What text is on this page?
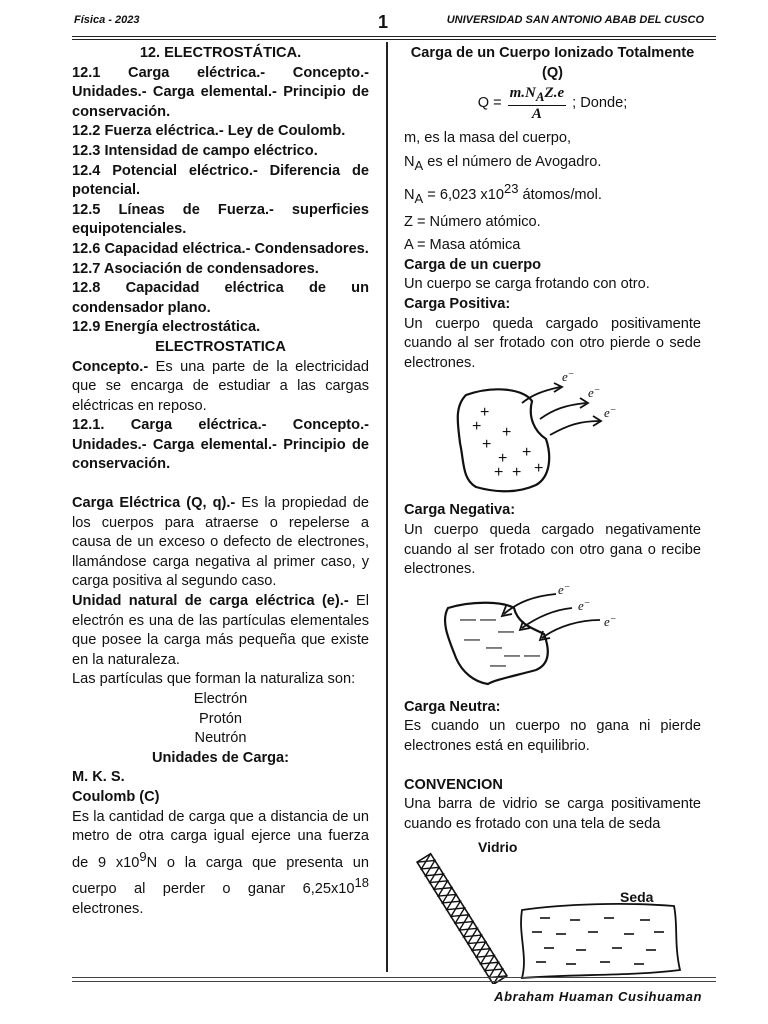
Física - 2023	1	UNIVERSIDAD SAN ANTONIO ABAB DEL CUSCO

12. ELECTROSTÁTICA.

12.1 Carga eléctrica.- Concepto.- Unidades.- Carga elemental.- Principio de conservación.

12.2 Fuerza eléctrica.- Ley de Coulomb.

12.3 Intensidad de campo eléctrico.

12.4 Potencial eléctrico.- Diferencia de potencial.

12.5 Líneas de Fuerza.- superficies equipotenciales.

12.6 Capacidad eléctrica.- Condensadores.

12.7 Asociación de condensadores.

12.8 Capacidad eléctrica de un condensador plano.

12.9 Energía electrostática.

ELECTROSTATICA

Concepto.- Es una parte de la electricidad que se encarga de estudiar a las cargas eléctricas en reposo.

12.1. Carga eléctrica.- Concepto.- Unidades.- Carga elemental.- Principio de conservación.

Carga Eléctrica (Q, q).- Es la propiedad de los cuerpos para atraerse o repelerse a causa de un exceso o defecto de electrones, llamándose carga negativa al primer caso, y carga positiva al segundo caso.

Unidad natural de carga eléctrica (e).- El electrón es una de las partículas elementales que posee la carga más pequeña que existe en la naturaleza.

Las partículas que forman la naturaliza son:

Electrón

Protón

Neutrón

Unidades de Carga:

M. K. S.

Coulomb (C)

Es la cantidad de carga que a distancia de un metro de otra carga igual ejerce una fuerza de 9 $x10^9N$ o la carga que presenta un cuerpo al perder o ganar $6,25x10^{18}$ electrones.

Carga de un Cuerpo Ionizado Totalmente (Q)

$Q = \frac{m.N_AZ.e}{A}$ ; Donde;

m, es la masa del cuerpo,

$N_A$ es el número de Avogadro.

$N_A = 6,023$ $x10^{23}$ átomos/mol.

Z = Número atómico.

A = Masa atómica

Carga de un cuerpo

Un cuerpo se carga frotando con otro.

Carga Positiva:

Un cuerpo queda cargado positivamente cuando al ser frotado con otro pierde o sede electrones.

+
+ +
+ +
+
+ + +
e−
e−
e−

Carga Negativa:

Un cuerpo queda cargado negativamente cuando al ser frotado con otro gana o recibe electrones.

— —
—
— — — —
—
e−
e−
e−

Carga Neutra:

Es cuando un cuerpo no gana ni pierde electrones está en equilibrio.

CONVENCION

Una barra de vidrio se carga positivamente cuando es frotado con una tela de seda

Vidrio
Seda
Abraham Huaman Cusihuaman
